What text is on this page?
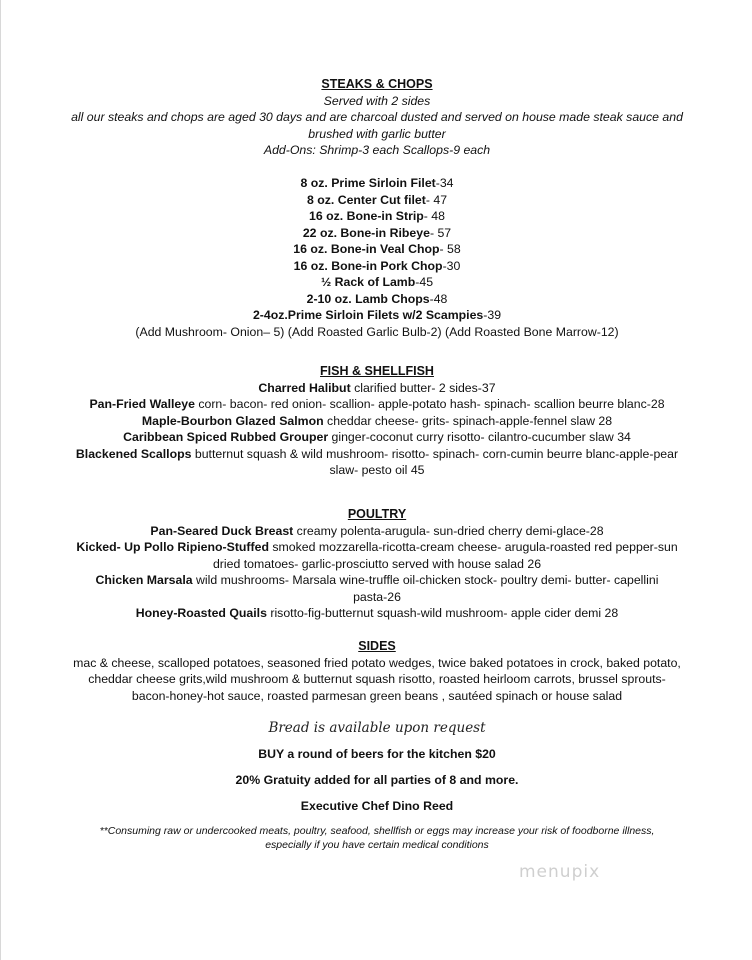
STEAKS & CHOPS
Served with 2 sides
all our steaks and chops are aged 30 days and are charcoal dusted and served on house made steak sauce and
brushed with garlic butter
Add-Ons: Shrimp-3 each Scallops-9 each
8 oz. Prime Sirloin Filet-34
8 oz. Center Cut filet- 47
16 oz. Bone-in Strip- 48
22 oz. Bone-in Ribeye- 57
16 oz. Bone-in Veal Chop- 58
16 oz. Bone-in Pork Chop-30
½ Rack of Lamb-45
2-10 oz. Lamb Chops-48
2-4oz.Prime Sirloin Filets w/2 Scampies-39
(Add Mushroom- Onion– 5) (Add Roasted Garlic Bulb-2) (Add Roasted Bone Marrow-12)
FISH & SHELLFISH
Charred Halibut clarified butter- 2 sides-37
Pan-Fried Walleye corn- bacon- red onion- scallion- apple-potato hash- spinach- scallion beurre blanc-28
Maple-Bourbon Glazed Salmon cheddar cheese- grits- spinach-apple-fennel slaw 28
Caribbean Spiced Rubbed Grouper ginger-coconut curry risotto- cilantro-cucumber slaw 34
Blackened Scallops butternut squash & wild mushroom- risotto- spinach- corn-cumin beurre blanc-apple-pear
slaw- pesto oil 45
POULTRY
Pan-Seared Duck Breast creamy polenta-arugula- sun-dried cherry demi-glace-28
Kicked- Up Pollo Ripieno-Stuffed smoked mozzarella-ricotta-cream cheese- arugula-roasted red pepper-sun
dried tomatoes- garlic-prosciutto served with house salad 26
Chicken Marsala wild mushrooms- Marsala wine-truffle oil-chicken stock- poultry demi- butter- capellini
pasta-26
Honey-Roasted Quails risotto-fig-butternut squash-wild mushroom- apple cider demi 28
SIDES
mac & cheese, scalloped potatoes, seasoned fried potato wedges, twice baked potatoes in crock, baked potato,
cheddar cheese grits,wild mushroom & butternut squash risotto, roasted heirloom carrots, brussel sprouts-
bacon-honey-hot sauce, roasted parmesan green beans , sautéed spinach or house salad
Bread is available upon request
BUY a round of beers for the kitchen $20
20% Gratuity added for all parties of 8 and more.
Executive Chef Dino Reed
**Consuming raw or undercooked meats, poultry, seafood, shellfish or eggs may increase your risk of foodborne illness,
especially if you have certain medical conditions
menupix
